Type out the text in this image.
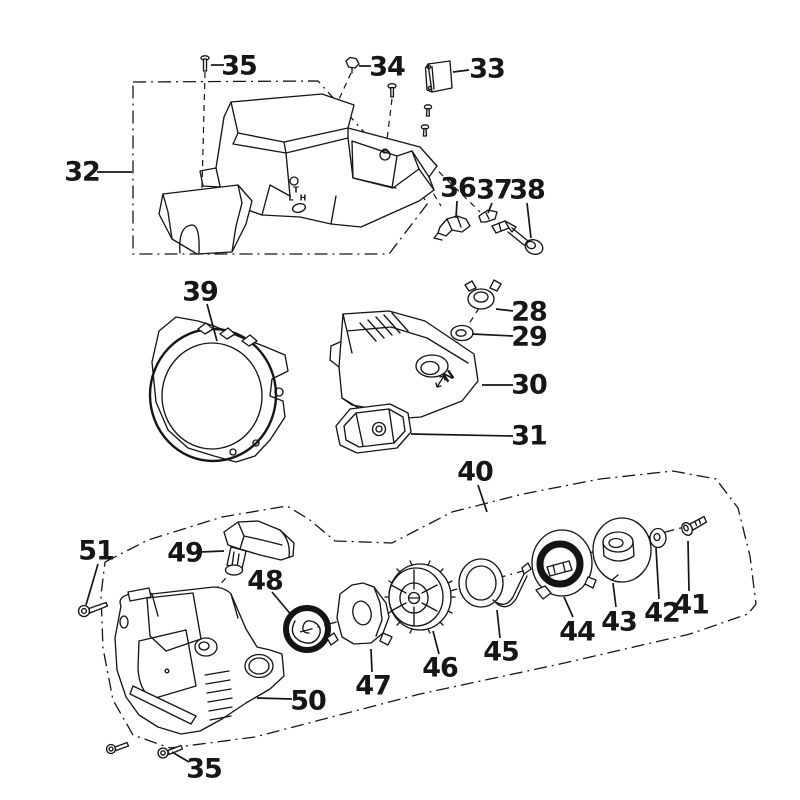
T
L H
N
35	34 33
32
36 37
38
39
28
29
30
31
40
51 49
48
47
50
46
45
44 43 42
41
35
